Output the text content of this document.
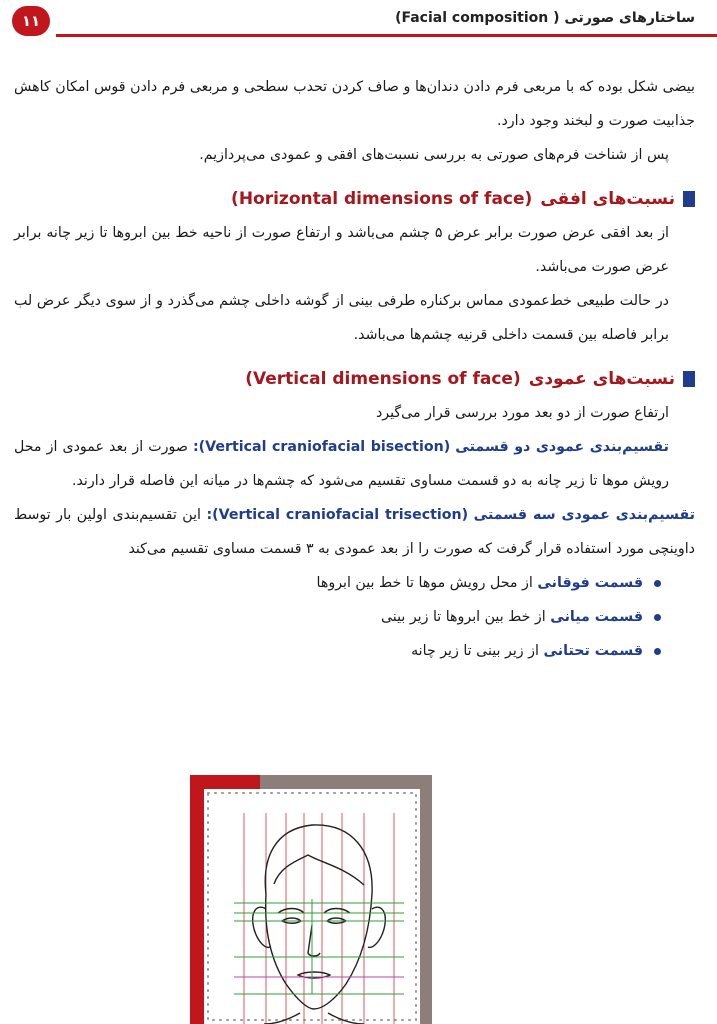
۱۱	ساختارهای صورتی ( Facial composition)

بیضی شکل بوده که با مربعی فرم دادن دندان‌ها و صاف کردن تحدب سطحی و مربعی فرم دادن قوس امکان کاهش جذابیت صورت و لبخند وجود دارد.

پس از شناخت فرم‌های صورتی به بررسی نسبت‌های افقی و عمودی می‌پردازیم.

نسبت‌های افقی
(Horizontal dimensions of face)

از بعد افقی عرض صورت برابر عرض ۵ چشم می‌باشد و ارتفاع صورت از ناحیه خط بین ابروها تا زیر چانه برابر عرض صورت می‌باشد.

در حالت طبیعی خط‌عمودی مماس برکناره طرفی بینی از گوشه داخلی چشم می‌گذرد و از سوی دیگر عرض لب برابر فاصله بین قسمت داخلی قرنیه چشم‌ها می‌باشد.

نسبت‌های عمودی
(Vertical dimensions of face)

ارتفاع صورت از دو بعد مورد بررسی قرار می‌گیرد

تقسیم‌بندی عمودی دو قسمتی (Vertical craniofacial bisection): صورت از بعد عمودی از محل رویش موها تا زیر چانه به دو قسمت مساوی تقسیم می‌شود که چشم‌ها در میانه این فاصله قرار دارند.

تقسیم‌بندی عمودی سه قسمتی (Vertical craniofacial trisection): این تقسیم‌بندی اولین بار توسط داوینچی مورد استفاده قرار گرفت که صورت را از بعد عمودی به ۳ قسمت مساوی تقسیم می‌کند

قسمت فوقانی از محل رویش موها تا خط بین ابروها
قسمت میانی از خط بین ابروها تا زیر بینی
قسمت تحتانی از زیر بینی تا زیر چانه
